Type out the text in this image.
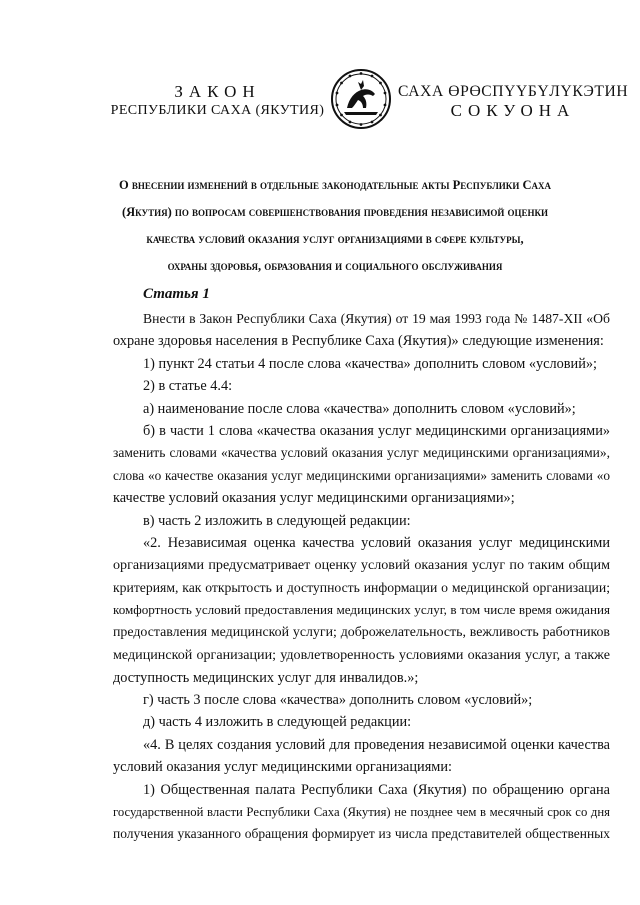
ЗАКОН
РЕСПУБЛИКИ САХА (ЯКУТИЯ)
САХА ӨРӨСПҮҮБҮЛҮКЭТИН
СОКУОНА
О внесении изменений в отдельные законодательные акты Республики Саха
(Якутия) по вопросам совершенствования проведения независимой оценки
качества условий оказания услуг организациями в сфере культуры,
охраны здоровья, образования и социального обслуживания
Статья 1
Внести в Закон Республики Саха (Якутия) от 19 мая 1993 года № 1487-XII «Об
охране здоровья населения в Республике Саха (Якутия)» следующие изменения:
1) пункт 24 статьи 4 после слова «качества» дополнить словом «условий»;
2) в статье 4.4:
а) наименование после слова «качества» дополнить словом «условий»;
б) в части 1 слова «качества оказания услуг медицинскими организациями»
заменить словами «качества условий оказания услуг медицинскими организациями»,
слова «о качестве оказания услуг медицинскими организациями» заменить словами «о
качестве условий оказания услуг медицинскими организациями»;
в) часть 2 изложить в следующей редакции:
«2. Независимая оценка качества условий оказания услуг медицинскими
организациями предусматривает оценку условий оказания услуг по таким общим
критериям, как открытость и доступность информации о медицинской организации;
комфортность условий предоставления медицинских услуг, в том числе время ожидания
предоставления медицинской услуги; доброжелательность, вежливость работников
медицинской организации; удовлетворенность условиями оказания услуг, а также
доступность медицинских услуг для инвалидов.»;
г) часть 3 после слова «качества» дополнить словом «условий»;
д) часть 4 изложить в следующей редакции:
«4. В целях создания условий для проведения независимой оценки качества
условий оказания услуг медицинскими организациями:
1) Общественная палата Республики Саха (Якутия) по обращению органа
государственной власти Республики Саха (Якутия) не позднее чем в месячный срок со дня
получения указанного обращения формирует из числа представителей общественных
